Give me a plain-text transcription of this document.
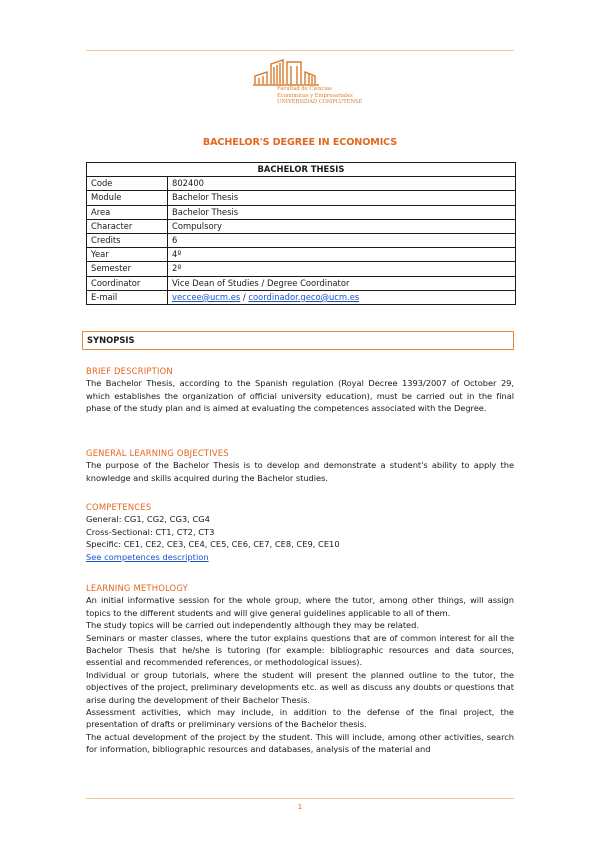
Facultad de Ciencias
Económicas y Empresariales
UNIVERSIDAD COMPLUTENSE
BACHELOR'S DEGREE IN ECONOMICS
BACHELOR THESIS	
Code	802400
Module	Bachelor Thesis
Area	Bachelor Thesis
Character	Compulsory
Credits	6
Year	4º
Semester	2º
Coordinator	Vice Dean of Studies / Degree Coordinator
E-mail	veccee@ucm.es / coordinador.geco@ucm.es
SYNOPSIS
BRIEF DESCRIPTION
The Bachelor Thesis, according to the Spanish regulation (Royal Decree 1393/2007 of October 29, which establishes the organization of official university education), must be carried out in the final phase of the study plan and is aimed at evaluating the competences associated with the Degree.
GENERAL LEARNING OBJECTIVES
The purpose of the Bachelor Thesis is to develop and demonstrate a student's ability to apply the knowledge and skills acquired during the Bachelor studies.
COMPETENCES
General: CG1, CG2, CG3, CG4
Cross-Sectional: CT1, CT2, CT3
Specific: CE1, CE2, CE3, CE4, CE5, CE6, CE7, CE8, CE9, CE10
See competences description
LEARNING METHOLOGY
An initial informative session for the whole group, where the tutor, among other things, will assign topics to the different students and will give general guidelines applicable to all of them.
The study topics will be carried out independently although they may be related.
Seminars or master classes, where the tutor explains questions that are of common interest for all the Bachelor Thesis that he/she is tutoring (for example: bibliographic resources and data sources, essential and recommended references, or methodological issues).
Individual or group tutorials, where the student will present the planned outline to the tutor, the objectives of the project, preliminary developments etc. as well as discuss any doubts or questions that arise during the development of their Bachelor Thesis.
Assessment activities, which may include, in addition to the defense of the final project, the presentation of drafts or preliminary versions of the Bachelor thesis.
The actual development of the project by the student. This will include, among other activities, search for information, bibliographic resources and databases, analysis of the material and
1
